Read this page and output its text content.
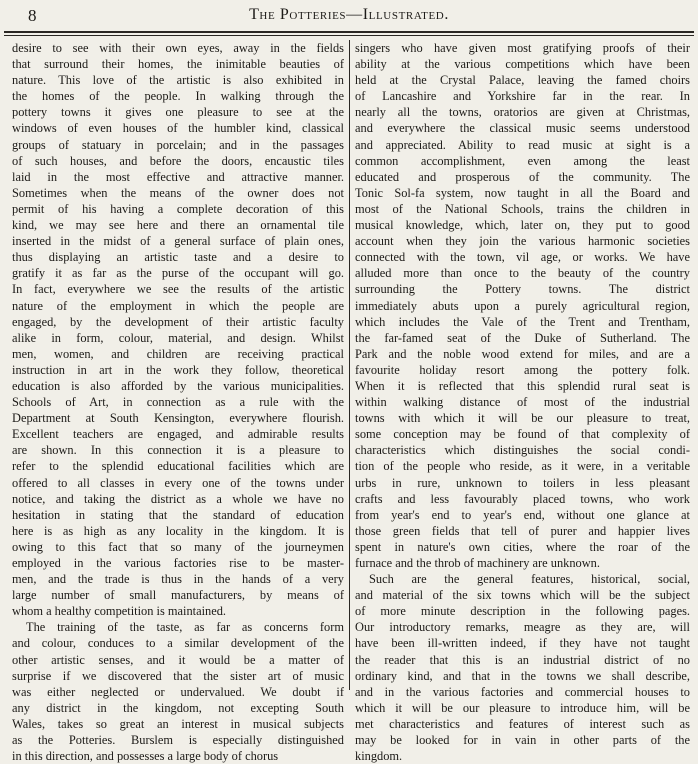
8	The Potteries—Illustrated.

desire to see with their own eyes, away in the fields
that surround their homes, the inimitable beauties of
nature. This love of the artistic is also exhibited in
the homes of the people. In walking through the
pottery towns it gives one pleasure to see at the
windows of even houses of the humbler kind, classical
groups of statuary in porcelain; and in the passages
of such houses, and before the doors, encaustic tiles
laid in the most effective and attractive manner.
Sometimes when the means of the owner does not
permit of his having a complete decoration of this
kind, we may see here and there an ornamental tile
inserted in the midst of a general surface of plain ones,
thus displaying an artistic taste and a desire to
gratify it as far as the purse of the occupant will go.
In fact, everywhere we see the results of the artistic
nature of the employment in which the people are
engaged, by the development of their artistic faculty
alike in form, colour, material, and design. Whilst
men, women, and children are receiving practical
instruction in art in the work they follow, theoretical
education is also afforded by the various municipalities.
Schools of Art, in connection as a rule with the
Department at South Kensington, everywhere flourish.
Excellent teachers are engaged, and admirable results
are shown. In this connection it is a pleasure to
refer to the splendid educational facilities which are
offered to all classes in every one of the towns under
notice, and taking the district as a whole we have no
hesitation in stating that the standard of education
here is as high as any locality in the kingdom. It is
owing to this fact that so many of the journeymen
employed in the various factories rise to be master-
men, and the trade is thus in the hands of a very
large number of small manufacturers, by means of
whom a healthy competition is maintained.

The training of the taste, as far as concerns form
and colour, conduces to a similar development of the
other artistic senses, and it would be a matter of
surprise if we discovered that the sister art of music
was either neglected or undervalued. We doubt if
any district in the kingdom, not excepting South
Wales, takes so great an interest in musical subjects
as the Potteries. Burslem is especially distinguished
in this direction, and possesses a large body of chorus

singers who have given most gratifying proofs of their
ability at the various competitions which have been
held at the Crystal Palace, leaving the famed choirs
of Lancashire and Yorkshire far in the rear. In
nearly all the towns, oratorios are given at Christmas,
and everywhere the classical music seems understood
and appreciated. Ability to read music at sight is a
common accomplishment, even among the least
educated and prosperous of the community. The
Tonic Sol-fa system, now taught in all the Board and
most of the National Schools, trains the children in
musical knowledge, which, later on, they put to good
account when they join the various harmonic societies
connected with the town, vil age, or works. We have
alluded more than once to the beauty of the country
surrounding the Pottery towns. The district
immediately abuts upon a purely agricultural region,
which includes the Vale of the Trent and Trentham,
the far-famed seat of the Duke of Sutherland. The
Park and the noble wood extend for miles, and are a
favourite holiday resort among the pottery folk.
When it is reflected that this splendid rural seat is
within walking distance of most of the industrial
towns with which it will be our pleasure to treat,
some conception may be found of that complexity of
characteristics which distinguishes the social condi-
tion of the people who reside, as it were, in a veritable
urbs in rure, unknown to toilers in less pleasant
crafts and less favourably placed towns, who work
from year's end to year's end, without one glance at
those green fields that tell of purer and happier lives
spent in nature's own cities, where the roar of the
furnace and the throb of machinery are unknown.

Such are the general features, historical, social,
and material of the six towns which will be the subject
of more minute description in the following pages.
Our introductory remarks, meagre as they are, will
have been ill-written indeed, if they have not taught
the reader that this is an industrial district of no
ordinary kind, and that in the towns we shall describe,
and in the various factories and commercial houses to
which it will be our pleasure to introduce him, will be
met characteristics and features of interest such as
may be looked for in vain in other parts of the
kingdom.
